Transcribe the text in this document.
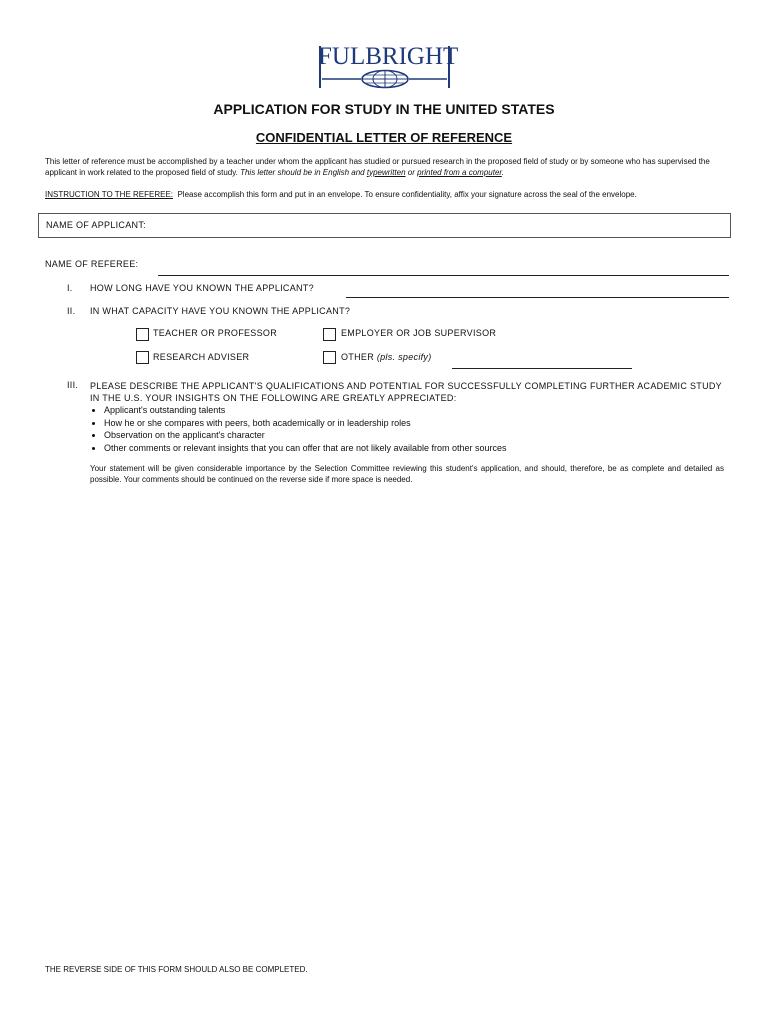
FULBRIGHT
APPLICATION FOR STUDY IN THE UNITED STATES
CONFIDENTIAL LETTER OF REFERENCE
This letter of reference must be accomplished by a teacher under whom the applicant has studied or pursued research in the proposed field of study or by someone who has supervised the applicant in work related to the proposed field of study. This letter should be in English and typewritten or printed from a computer.
INSTRUCTION TO THE REFEREE: Please accomplish this form and put in an envelope. To ensure confidentiality, affix your signature across the seal of the envelope.
NAME OF APPLICANT:
NAME OF REFEREE:
I. HOW LONG HAVE YOU KNOWN THE APPLICANT?
II. IN WHAT CAPACITY HAVE YOU KNOWN THE APPLICANT?
TEACHER OR PROFESSOR	EMPLOYER OR JOB SUPERVISOR
RESEARCH ADVISER	OTHER (pls. specify)
III. PLEASE DESCRIBE THE APPLICANT'S QUALIFICATIONS AND POTENTIAL FOR SUCCESSFULLY COMPLETING FURTHER ACADEMIC STUDY IN THE U.S. YOUR INSIGHTS ON THE FOLLOWING ARE GREATLY APPRECIATED:
• Applicant's outstanding talents
• How he or she compares with peers, both academically or in leadership roles
• Observation on the applicant's character
• Other comments or relevant insights that you can offer that are not likely available from other sources
Your statement will be given considerable importance by the Selection Committee reviewing this student's application, and should, therefore, be as complete and detailed as possible. Your comments should be continued on the reverse side if more space is needed.
THE REVERSE SIDE OF THIS FORM SHOULD ALSO BE COMPLETED.
